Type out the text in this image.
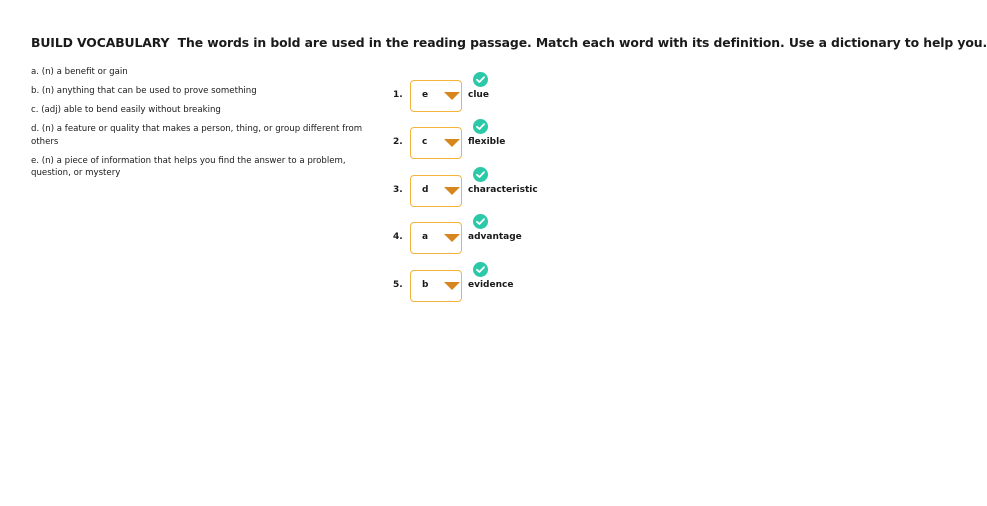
BUILD VOCABULARY The words in bold are used in the reading passage. Match each word with its definition. Use a dictionary to help you.
a. (n) a benefit or gain
b. (n) anything that can be used to prove something
c. (adj) able to bend easily without breaking
d. (n) a feature or quality that makes a person, thing, or group different from others
e. (n) a piece of information that helps you find the answer to a problem, question, or mystery
1. e	clue
2. c	flexible
3. d	characteristic
4. a	advantage
5. b	evidence
